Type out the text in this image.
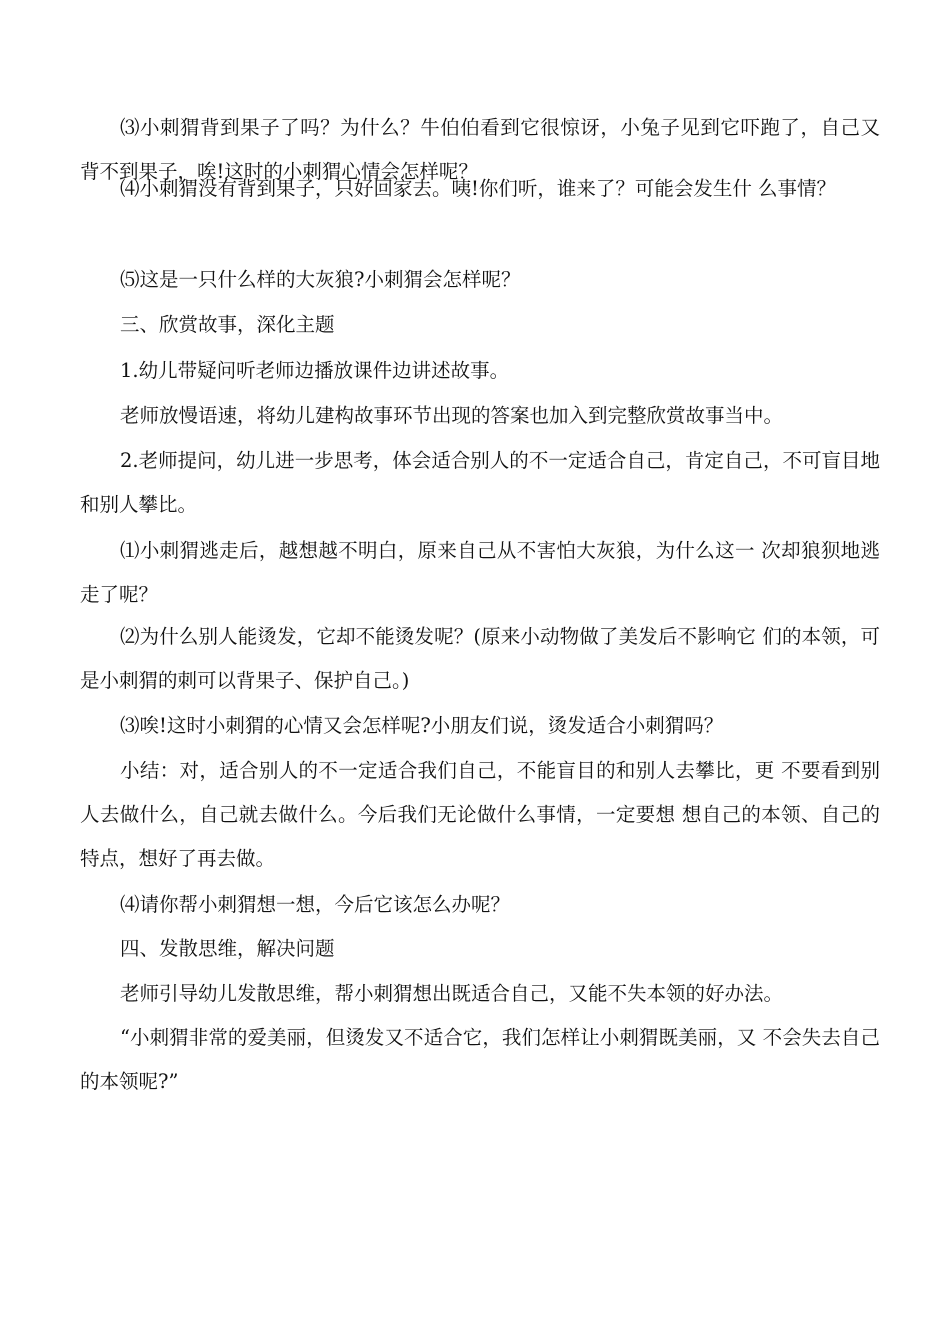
⑶小刺猬背到果子了吗？为什么？牛伯伯看到它很惊讶，小兔子见到它吓跑了，自己又背不到果子，唉!这时的小刺猬心情会怎样呢？

⑷小刺猬没有背到果子，只好回家去。咦!你们听，谁来了？可能会发生什 么事情？

⑸这是一只什么样的大灰狼?小刺猬会怎样呢？

三、欣赏故事，深化主题

1.幼儿带疑问听老师边播放课件边讲述故事。

老师放慢语速，将幼儿建构故事环节出现的答案也加入到完整欣赏故事当中。

2.老师提问，幼儿进一步思考，体会适合别人的不一定适合自己，肯定自己，不可盲目地和别人攀比。

⑴小刺猬逃走后，越想越不明白，原来自己从不害怕大灰狼，为什么这一 次却狼狈地逃走了呢？

⑵为什么别人能烫发，它却不能烫发呢？(原来小动物做了美发后不影响它 们的本领，可是小刺猬的刺可以背果子、保护自己。)

⑶唉!这时小刺猬的心情又会怎样呢?小朋友们说，烫发适合小刺猬吗？

小结：对，适合别人的不一定适合我们自己，不能盲目的和别人去攀比，更 不要看到别人去做什么，自己就去做什么。今后我们无论做什么事情，一定要想 想自己的本领、自己的特点，想好了再去做。

⑷请你帮小刺猬想一想，今后它该怎么办呢？

四、发散思维，解决问题

老师引导幼儿发散思维，帮小刺猬想出既适合自己，又能不失本领的好办法。

“小刺猬非常的爱美丽，但烫发又不适合它，我们怎样让小刺猬既美丽，又 不会失去自己的本领呢?”
